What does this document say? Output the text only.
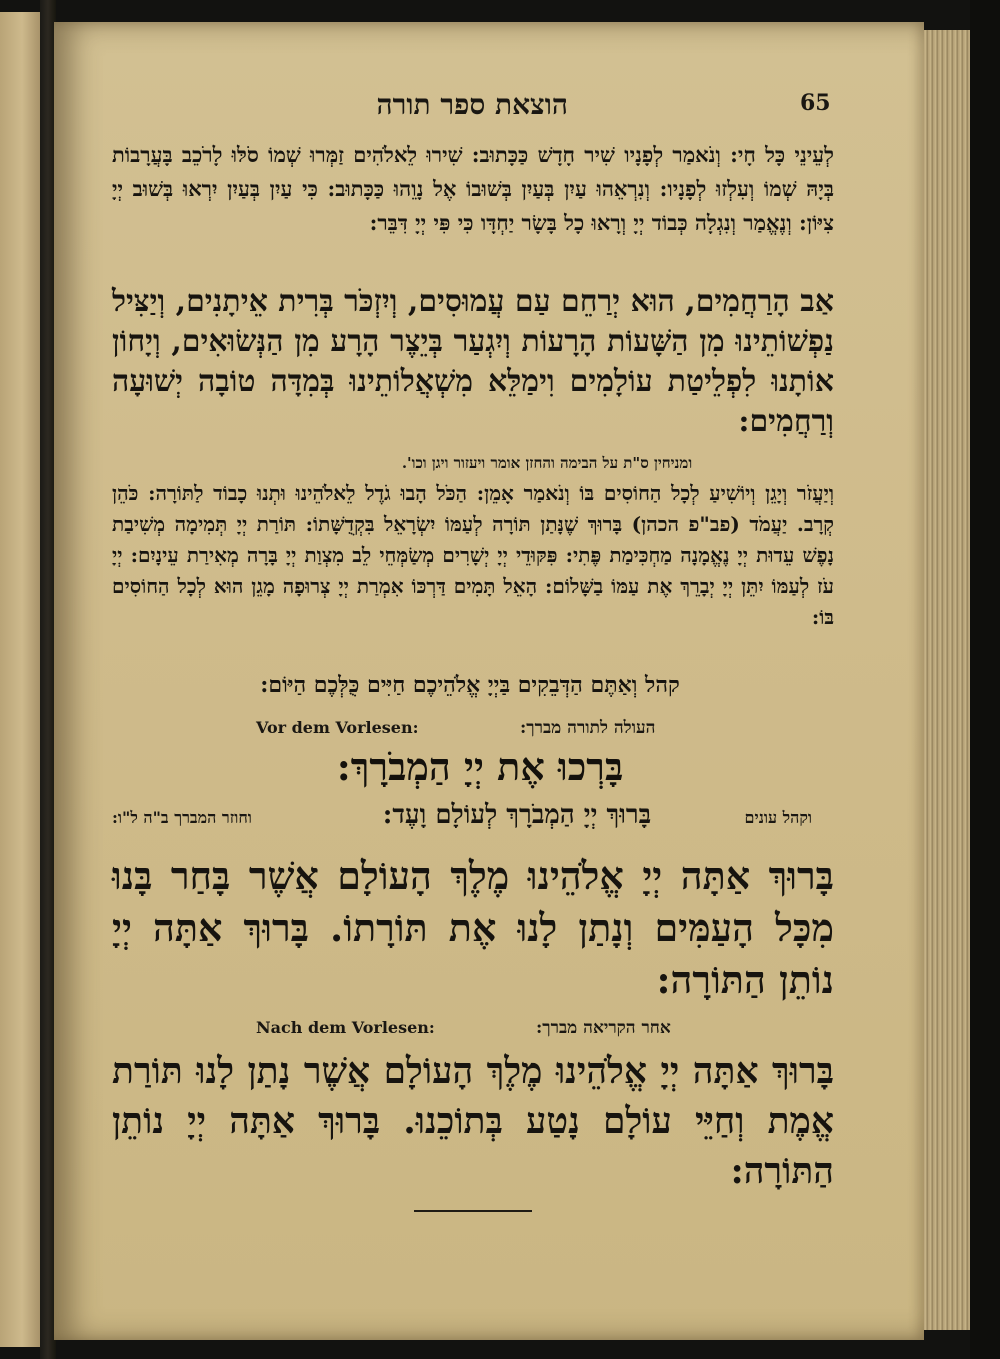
הוצאת ספר תורה	65

לְעֵינֵי כָּל חָי: וְנֹאמַר לְפָנָיו שִׁיר חָדָשׁ כַּכָּתוּב: שִׁירוּ לֵאלֹהִים זַמְּרוּ שְׁמוֹ סֹלּוּ לָרֹכֵב בָּעֲרָבוֹת בְּיָהּ שְׁמוֹ וְעִלְזוּ לְפָנָיו: וְנִרְאֵהוּ עַיִן בְּעַיִן בְּשׁוּבוֹ אֶל נָוֵהוּ כַּכָּתוּב: כִּי עַיִן בְּעַיִן יִרְאוּ בְּשׁוּב יְיָ צִיּוֹן: וְנֶאֱמַר וְנִגְלָה כְּבוֹד יְיָ וְרָאוּ כָל בָּשָׂר יַחְדָּו כִּי פִּי יְיָ דִּבֵּר:

אַב הָרַחֲמִים, הוּא יְרַחֵם עַם עֲמוּסִים, וְיִזְכֹּר בְּרִית אֵיתָנִים, וְיַצִּיל נַפְשׁוֹתֵינוּ מִן הַשָּׁעוֹת הָרָעוֹת וְיִגְעַר בְּיֵצֶר הָרָע מִן הַנְּשׂוּאִים, וְיָחוֹן אוֹתָנוּ לִפְלֵיטַת עוֹלָמִים וִימַלֵּא מִשְׁאֲלוֹתֵינוּ בְּמִדָּה טוֹבָה יְשׁוּעָה וְרַחֲמִים:

ומניחין ס"ת על הבימה והחזן אומר ויעזור ויגן וכו'.

וְיַעֲזֹר וְיָגֵן וְיוֹשִׁיעַ לְכָל הַחוֹסִים בּוֹ וְנֹאמַר אָמֵן: הַכֹּל הָבוּ גֹדֶל לֵאלֹהֵינוּ וּתְנוּ כָבוֹד לַתּוֹרָה: כֹּהֵן קְרָב. יַעֲמֹד (פב"פ הכהן) בָּרוּךְ שֶׁנָּתַן תּוֹרָה לְעַמּוֹ יִשְׂרָאֵל בִּקְדֻשָּׁתוֹ: תּוֹרַת יְיָ תְּמִימָה מְשִׁיבַת נָפֶשׁ עֵדוּת יְיָ נֶאֱמָנָה מַחְכִּימַת פֶּתִי: פִּקּוּדֵי יְיָ יְשָׁרִים מְשַׂמְּחֵי לֵב מִצְוַת יְיָ בָּרָה מְאִירַת עֵינָיִם: יְיָ עֹז לְעַמּוֹ יִתֵּן יְיָ יְבָרֵךְ אֶת עַמּוֹ בַשָּׁלוֹם: הָאֵל תָּמִים דַּרְכּוֹ אִמְרַת יְיָ צְרוּפָה מָגֵן הוּא לְכָל הַחוֹסִים בּוֹ:

קהל וְאַתֶּם הַדְּבֵקִים בַּיְיָ אֱלֹהֵיכֶם חַיִּים כֻּלְּכֶם הַיּוֹם:
העולה לתורה מברך:
Vor dem Vorlesen:
בָּרְכוּ אֶת יְיָ הַמְבֹרָךְ:
וקהל עונים
בָּרוּךְ יְיָ הַמְבֹרָךְ לְעוֹלָם וָעֶד:
וחוזר המברך ב"ה ל"ו:

בָּרוּךְ אַתָּה יְיָ אֱלֹהֵינוּ מֶלֶךְ הָעוֹלָם אֲשֶׁר בָּחַר בָּנוּ מִכָּל הָעַמִּים וְנָתַן לָנוּ אֶת תּוֹרָתוֹ. בָּרוּךְ אַתָּה יְיָ נוֹתֵן הַתּוֹרָה:

אחר הקריאה מברך:
Nach dem Vorlesen:

בָּרוּךְ אַתָּה יְיָ אֱלֹהֵינוּ מֶלֶךְ הָעוֹלָם אֲשֶׁר נָתַן לָנוּ תּוֹרַת אֱמֶת וְחַיֵּי עוֹלָם נָטַע בְּתוֹכֵנוּ. בָּרוּךְ אַתָּה יְיָ נוֹתֵן הַתּוֹרָה:
